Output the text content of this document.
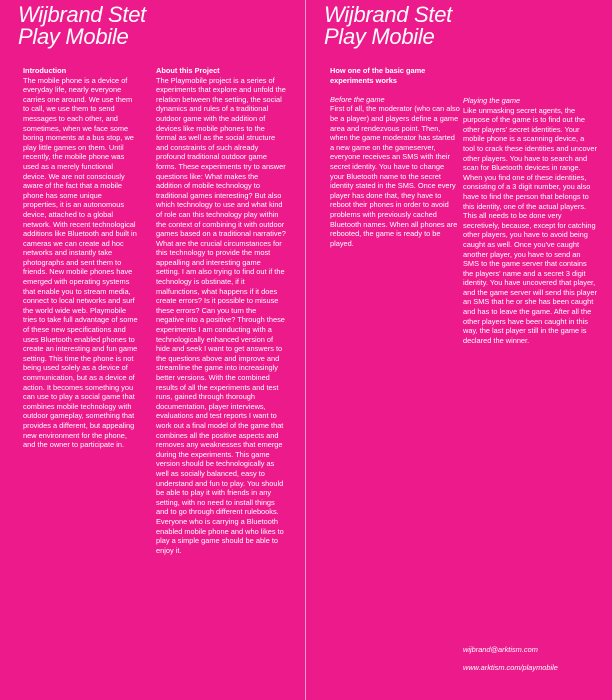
Wijbrand Stet
Play Mobile
Introduction

The mobile phone is a device of everyday life, nearly everyone carries one around. We use them to call, we use them to send messages to each other, and sometimes, when we face some boring moments at a bus stop, we play little games on them. Until recently, the mobile phone was used as a merely functional device. We are not consciously aware of the fact that a mobile phone has some unique properties, it is an autonomous device, attached to a global network. With recent technological additions like Bluetooth and built in cameras we can create ad hoc networks and instantly take photographs and sent them to friends. New mobile phones have emerged with operating systems that enable you to stream media, connect to local networks and surf the world wide web. Playmobile tries to take full advantage of some of these new specifications and uses Bluetooth enabled phones to create an interesting and fun game setting. This time the phone is not being used solely as a device of communication, but as a device of action. It becomes something you can use to play a social game that combines mobile technology with outdoor gameplay, something that provides a different, but appealing new environment for the phone, and the owner to participate in.

About this Project

The Playmobile project is a series of experiments that explore and unfold the relation between the setting, the social dynamics and rules of a traditional outdoor game with the addition of devices like mobile phones to the formal as well as the social structure and constraints of such already profound traditional outdoor game forms. These experiments try to answer questions like: What makes the addition of mobile technology to traditional games interesting? But also which technology to use and what kind of role can this technology play within the context of combining it with outdoor games based on a traditional narrative? What are the crucial circumstances for this technology to provide the most appealling and interesting game setting. I am also trying to find out if the technology is obstinate, if it malfunctions, what happens if it does create errors? Is it possible to misuse these errors? Can you turn the negative into a positive? Through these experiments I am conducting with a technologically enhanced version of hide and seek I want to get answers to the questions above and improve and streamline the game into increasingly better versions. With the combined results of all the experiments and test runs, gained through thorough documentation, player interviews, evaluations and test reports I want to work out a final model of the game that combines all the positive aspects and removes any weaknesses that emerge during the experiments. This game version should be technologically as well as socially balanced, easy to understand and fun to play. You should be able to play it with friends in any setting, with no need to install things and to go through different rulebooks. Everyone who is carrying a Bluetooth enabled mobile phone and who likes to play a simple game should be able to enjoy it.

Wijbrand Stet
Play Mobile
How one of the basic game experiments works
Before the game

First of all, the moderator (who can also be a player) and players define a game area and rendezvous point. Then, when the game moderator has started a new game on the gameserver, everyone receives an SMS with their secret identity. You have to change your Bluetooth name to the secret identity stated in the SMS. Once every player has done that, they have to reboot their phones in order to avoid problems with previously cached Bluetooth names. When all phones are rebooted, the game is ready to be played.

Playing the game

Like unmasking secret agents, the purpose of the game is to find out the other players' secret identities. Your mobile phone is a scanning device, a tool to crack these identities and uncover other players. You have to search and scan for Bluetooth devices in range. When you find one of these identities, consisting of a 3 digit number, you also have to find the person that belongs to this identity, one of the actual players. This all needs to be done very secretively, because, except for catching other players, you have to avoid being caught as well. Once you've caught another player, you have to send an SMS to the game server that contains the players' name and a secret 3 digit identity. You have uncovered that player, and the game server will send this player an SMS that he or she has been caught and has to leave the game. After all the other players have been caught in this way, the last player still in the game is declared the winner.

wijbrand@arktism.com
www.arktism.com/playmobile
